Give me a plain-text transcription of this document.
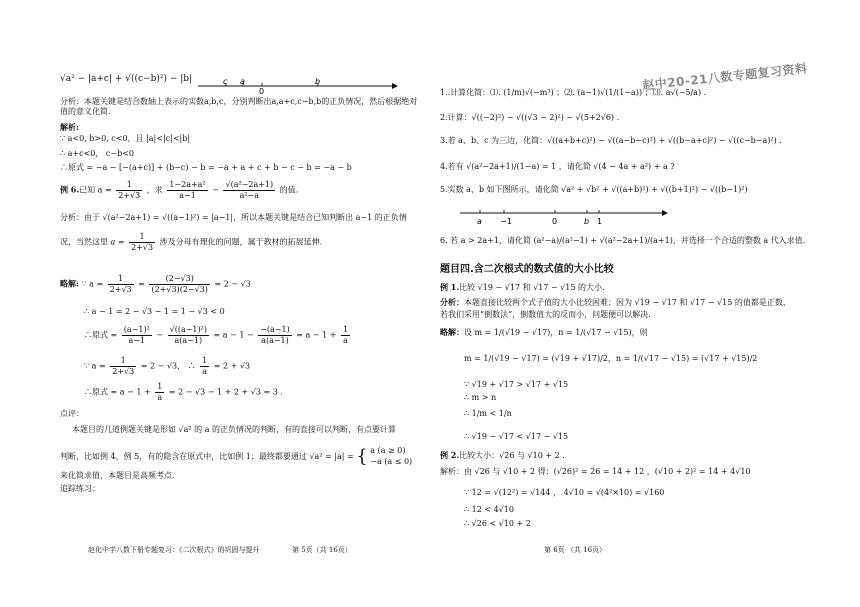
√a² − |a+c| + √((c−b)²) − |b|	c a
0
b
分析：本题关键是结合数轴上表示的实数a,b,c，分别判断出a,a+c,c−b,b的正负情况，然后根据绝对值的意义化简.
解析:
∵ a<0, b>0, c<0，且 |a|<|c|<|b|
∴ a+c<0， c−b<0
∴原式 = −a − [−(a+c)] + (b−c) − b = −a + a + c + b − c − b = −a − b
例 6.已知 $a = \frac{1}{2+√3}$ ，求 $\frac{\text{1−2a+a²}}{a-1} - \frac{\text{√(a²−2a+1)}}{\text{a²−a}}$ 的值.
分析：由于 √(a²−2a+1) = √((a−1)²) = |a−1|，所以本题关键是结合已知判断出 a−1 的正负情
况，当然这里 $a = \frac{1}{2+√3}$ 涉及分母有理化的问题，属于教材的拓展延伸.
略解: ∵ $a = \frac{1}{2+√3} = \frac{(2-√3)}{(2+√3)(2-√3)} = 2 - √3$
∴ a − 1 = 2 − √3 − 1 = 1 − √3 < 0
∴原式 = $\frac{\text{(a−1)²}}{a-1} - \frac{\text{√((a−1)²)}}{a(a-1)} = a - 1 - \frac{-(a-1)}{a(a-1)} = a - 1 + \frac{1}{a}$
∵ $a = \frac{1}{2+√3} = 2 - √3$， ∴ $\frac{1}{a} = 2 + √3$
∴原式 = $a - 1 + \frac{1}{a} = 2 - √3 - 1 + 2 + √3 = 3$ .
点评：
本题目的几道例题关键是形如 √a² 的 a 的正负情况的判断，有的直接可以判断，有点要计算
判断，比如例 4，例 5，有的隐含在原式中，比如例 1；最终都要通过 √a² = |a| = { a (a ≥ 0)
−a (a ≤ 0)
来化简求值，本题目是高频考点.
追踪练习：
赵化中学八数下册专题复习：《二次根式》的巩固与提升	第 5页（共 16页）
赵中20-21八数专题复习资料
1..计算化简：⑴. (1/m)√(−m³) ；⑵. (a−1)√(1/(1−a)) ；⑶. a√(−5/a) .
2.计算：√((−2)²) − √((√3 − 2)²) − √(5+2√6) .
3.若 a、b、c 为三边，化简：√((a+b+c)²) − √((a−b−c)²) + √((b−a+c)²) − √((c−b−a)²) .
4.若有 √(a²−2a+1)/(1−a) = 1 ，请化简 √(4 − 4a + a²) + a ?
5.实数 a、b 如下图所示，请化简 √a² + √b² + √((a+b)²) + √((b+1)²) − √((b−1)²)
a −1	0	b 1
6. 若 a > 2a+1，请化简 (a²−a)/(a²−1) + √(a²−2a+1)/(a+1)，并选择一个合适的整数 a 代入求值.
题目四.含二次根式的数式值的大小比较
例 1.比较 √19 − √17 和 √17 − √15 的大小.
分析：本题直接比较两个式子值的大小比较困难；因为 √19 − √17 和 √17 − √15 的值都是正数，
若我们采用“倒数法”，倒数值大的反而小，问题便可以解决.
略解：设 m = 1/(√19 − √17)，n = 1/(√17 − √15)，则
m = 1/(√19 − √17) = (√19 + √17)/2，n = 1/(√17 − √15) = (√17 + √15)/2
∵ √19 + √17 > √17 + √15
∴ m > n
∴ 1/m < 1/n
∴ √19 − √17 < √17 − √15
例 2.比较大小：√26 与 √10 + 2 .
解析：由 √26 与 √10 + 2 得：(√26)² = 26 = 14 + 12 ，(√10 + 2)² = 14 + 4√10
∵ 12 = √(12²) = √144 ， 4√10 = √(4²×10) = √160
∴ 12 < 4√10
∴ √26 < √10 + 2
第 6页 （共 16页）
